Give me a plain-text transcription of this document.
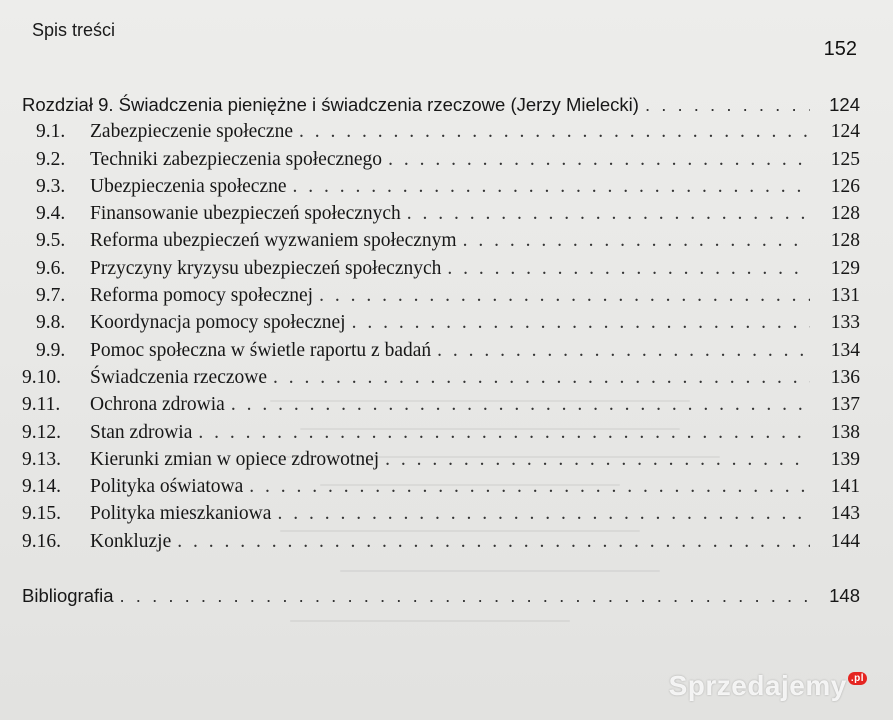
Spis treści
152
Rozdział 9. Świadczenia pieniężne i świadczenia rzeczowe (Jerzy Mielecki) . . .	124
9.1.	Zabezpieczenie społeczne . . .	124
9.2.	Techniki zabezpieczenia społecznego . . .	125
9.3.	Ubezpieczenia społeczne . . .	126
9.4.	Finansowanie ubezpieczeń społecznych . . .	128
9.5.	Reforma ubezpieczeń wyzwaniem społecznym . . .	128
9.6.	Przyczyny kryzysu ubezpieczeń społecznych . . .	129
9.7.	Reforma pomocy społecznej . . .	131
9.8.	Koordynacja pomocy społecznej . . .	133
9.9.	Pomoc społeczna w świetle raportu z badań . . .	134
9.10.	Świadczenia rzeczowe . . .	136
9.11.	Ochrona zdrowia . . .	137
9.12.	Stan zdrowia . . .	138
9.13.	Kierunki zmian w opiece zdrowotnej . . .	139
9.14.	Polityka oświatowa . . .	141
9.15.	Polityka mieszkaniowa . . .	143
9.16.	Konkluzje . . .	144
Bibliografia . . .	148
Sprzedajemy .pl
